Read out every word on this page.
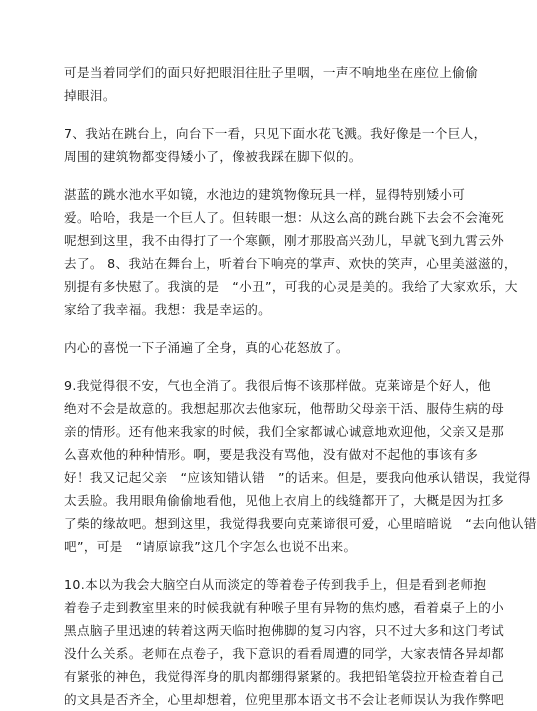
可是当着同学们的面只好把眼泪往肚子里咽，一声不响地坐在座位上偷偷
掉眼泪。
7、我站在跳台上，向台下一看，只见下面水花飞溅。我好像是一个巨人，
周围的建筑物都变得矮小了，像被我踩在脚下似的。
湛蓝的跳水池水平如镜，水池边的建筑物像玩具一样，显得特别矮小可
爱。哈哈，我是一个巨人了。但转眼一想：从这么高的跳台跳下去会不会淹死
呢想到这里，我不由得打了一个寒颤，刚才那股高兴劲儿，早就飞到九霄云外
去了。 8、我站在舞台上，听着台下响亮的掌声、欢快的笑声，心里美滋滋的，
别提有多快慰了。我演的是　“小丑”，可我的心灵是美的。我给了大家欢乐，大
家给了我幸福。我想：我是幸运的。
内心的喜悦一下子涌遍了全身，真的心花怒放了。
9.我觉得很不安，气也全消了。我很后悔不该那样做。克莱谛是个好人，他
绝对不会是故意的。我想起那次去他家玩，他帮助父母亲干活、服侍生病的母
亲的情形。还有他来我家的时候，我们全家都诚心诚意地欢迎他，父亲又是那
么喜欢他的种种情形。啊，要是我没有骂他，没有做对不起他的事该有多
好！我又记起父亲　“应该知错认错　”的话来。但是，要我向他承认错误，我觉得
太丢脸。我用眼角偷偷地看他，见他上衣肩上的线缝都开了，大概是因为扛多
了柴的缘故吧。想到这里，我觉得我要向克莱谛很可爱，心里暗暗说　“去向他认错
吧”，可是　“请原谅我”这几个字怎么也说不出来。
10.本以为我会大脑空白从而淡定的等着卷子传到我手上，但是看到老师抱
着卷子走到教室里来的时候我就有种喉子里有异物的焦灼感，看着桌子上的小
黑点脑子里迅速的转着这两天临时抱佛脚的复习内容，只不过大多和这门考试
没什么关系。老师在点卷子，我下意识的看看周遭的同学，大家表情各异却都
有紧张的神色，我觉得浑身的肌肉都绷得紧紧的。我把铅笔袋拉开检查着自己
的文具是否齐全，心里却想着，位兜里那本语文书不会让老师误认为我作弊吧
